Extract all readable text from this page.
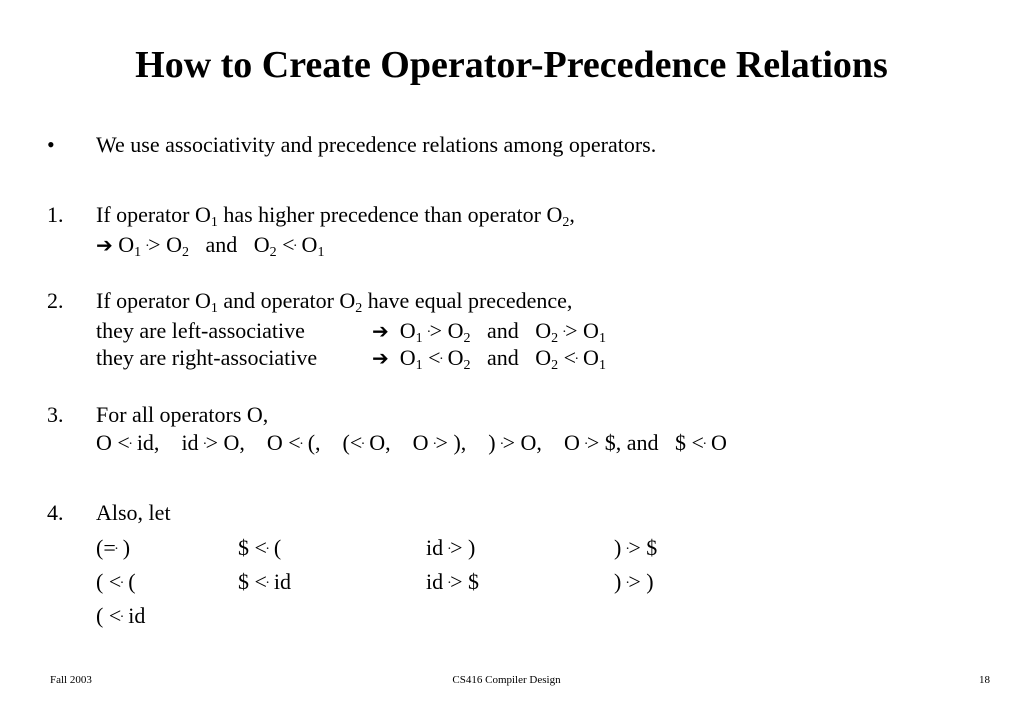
How to Create Operator-Precedence Relations
• We use associativity and precedence relations among operators.
1. If operator $O_1$ has higher precedence than operator $O_2$,
➔ $O_1$ $^.> O_2$ and $O_2 <^.$ $O_1$
2. If operator $O_1$ and operator $O_2$ have equal precedence,
they are left-associative	➔ $O_1$ $^.> O_2$ and $O_2$ $^.> O_1$
they are right-associative	➔ $O_1 <^.$ $O_2$ and $O_2 <^.$ $O_1$
3. For all operators O,
O <. id, id .> O, O <. (, (<. O, O .> ), ) .> O, O .> $, and $ <. O
4. Also, let
(=. )	$ <. (	id .> )	) .> $
( <. (	$ <. id	id .> $	) .> )
( <. id
Fall 2003	CS416 Compiler Design	18
